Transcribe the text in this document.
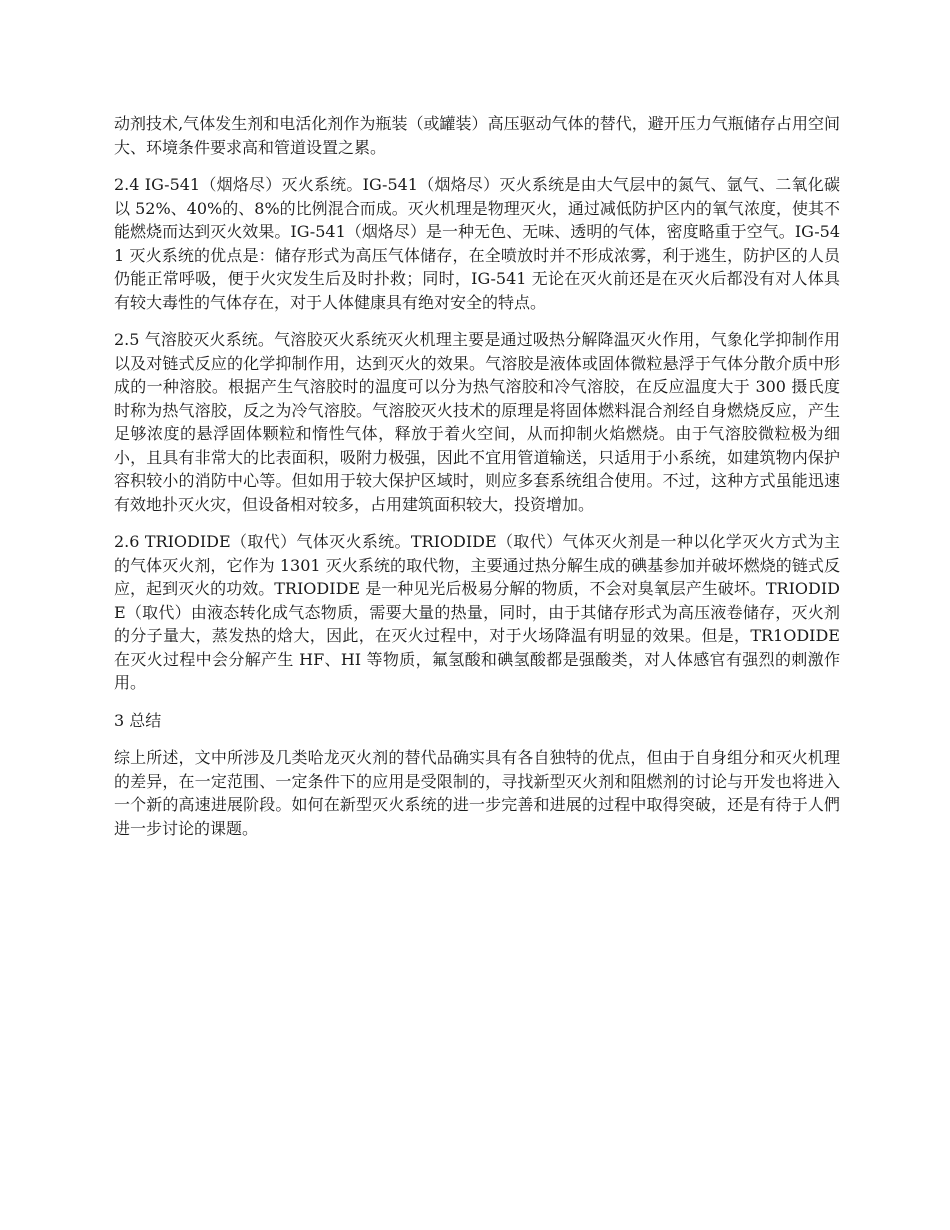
动剂技术,气体发生剂和电活化剂作为瓶装（或罐装）高压驱动气体的替代，避开压力气瓶储存占用空间大、环境条件要求高和管道设置之累。

2.4 IG-541（烟烙尽）灭火系统。IG-541（烟烙尽）灭火系统是由大气层中的氮气、氩气、二氧化碳以 52%、40%的、8%的比例混合而成。灭火机理是物理灭火，通过减低防护区内的氧气浓度，使其不能燃烧而达到灭火效果。IG-541（烟烙尽）是一种无色、无味、透明的气体，密度略重于空气。IG-541 灭火系统的优点是：储存形式为高压气体储存，在全喷放时并不形成浓雾，利于逃生，防护区的人员仍能正常呼吸，便于火灾发生后及时扑救；同时，IG-541 无论在灭火前还是在灭火后都没有对人体具有较大毒性的气体存在，对于人体健康具有绝对安全的特点。

2.5 气溶胶灭火系统。气溶胶灭火系统灭火机理主要是通过吸热分解降温灭火作用，气象化学抑制作用以及对链式反应的化学抑制作用，达到灭火的效果。气溶胶是液体或固体微粒悬浮于气体分散介质中形成的一种溶胶。根据产生气溶胶时的温度可以分为热气溶胶和冷气溶胶，在反应温度大于 300 摄氏度时称为热气溶胶，反之为冷气溶胶。气溶胶灭火技术的原理是将固体燃料混合剂经自身燃烧反应，产生足够浓度的悬浮固体颗粒和惰性气体，释放于着火空间，从而抑制火焰燃烧。由于气溶胶微粒极为细小，且具有非常大的比表面积，吸附力极强，因此不宜用管道输送，只适用于小系统，如建筑物内保护容积较小的消防中心等。但如用于较大保护区域时，则应多套系统组合使用。不过，这种方式虽能迅速有效地扑灭火灾，但设备相对较多，占用建筑面积较大，投资增加。

2.6 TRIODIDE（取代）气体灭火系统。TRIODIDE（取代）气体灭火剂是一种以化学灭火方式为主的气体灭火剂，它作为 1301 灭火系统的取代物，主要通过热分解生成的碘基参加并破坏燃烧的链式反应，起到灭火的功效。TRIODIDE 是一种见光后极易分解的物质，不会对臭氧层产生破坏。TRIODIDE（取代）由液态转化成气态物质，需要大量的热量，同时，由于其储存形式为高压液卷储存，灭火剂的分子量大，蒸发热的焓大，因此，在灭火过程中，对于火场降温有明显的效果。但是，TR1ODIDE 在灭火过程中会分解产生 HF、HI 等物质，氟氢酸和碘氢酸都是强酸类，对人体感官有强烈的刺激作用。

3 总结

综上所述，文中所涉及几类哈龙灭火剂的替代品确实具有各自独特的优点，但由于自身组分和灭火机理的差异，在一定范围、一定条件下的应用是受限制的，寻找新型灭火剂和阻燃剂的讨论与开发也将进入一个新的高速进展阶段。如何在新型灭火系统的进一步完善和进展的过程中取得突破，还是有待于人們进一步讨论的课题。
